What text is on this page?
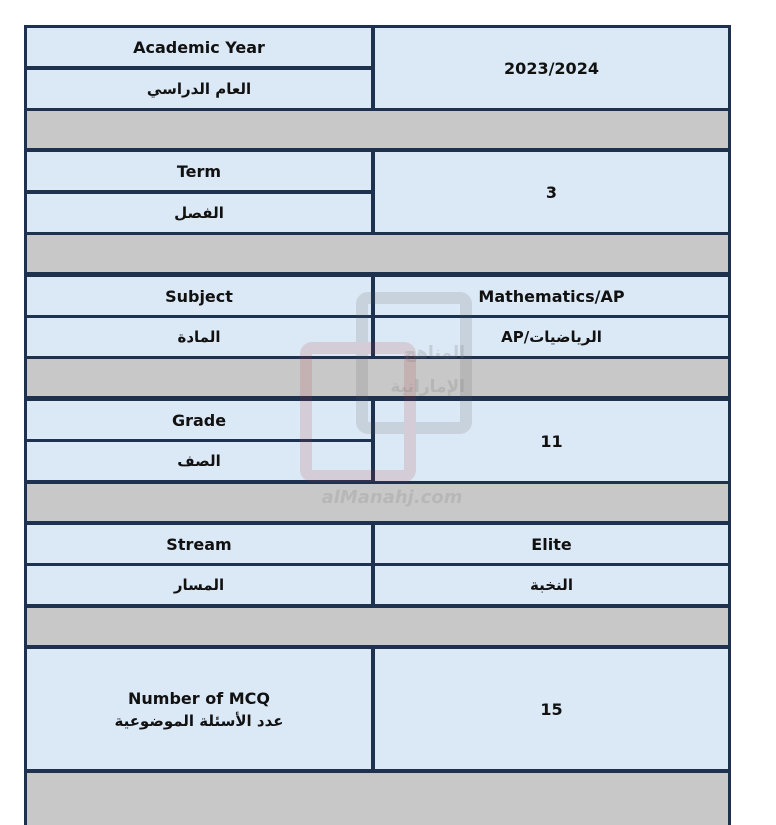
Academic Year
العام الدراسي
2023/2024
Term
الفصل
3
Subject
المادة
Mathematics/AP
الرياضيات/AP
Grade
الصف
11
Stream
المسار
Elite
النخبة
Number of MCQ
عدد الأسئلة الموضوعية
15
المناهج
الإماراتية
alManahj.com
